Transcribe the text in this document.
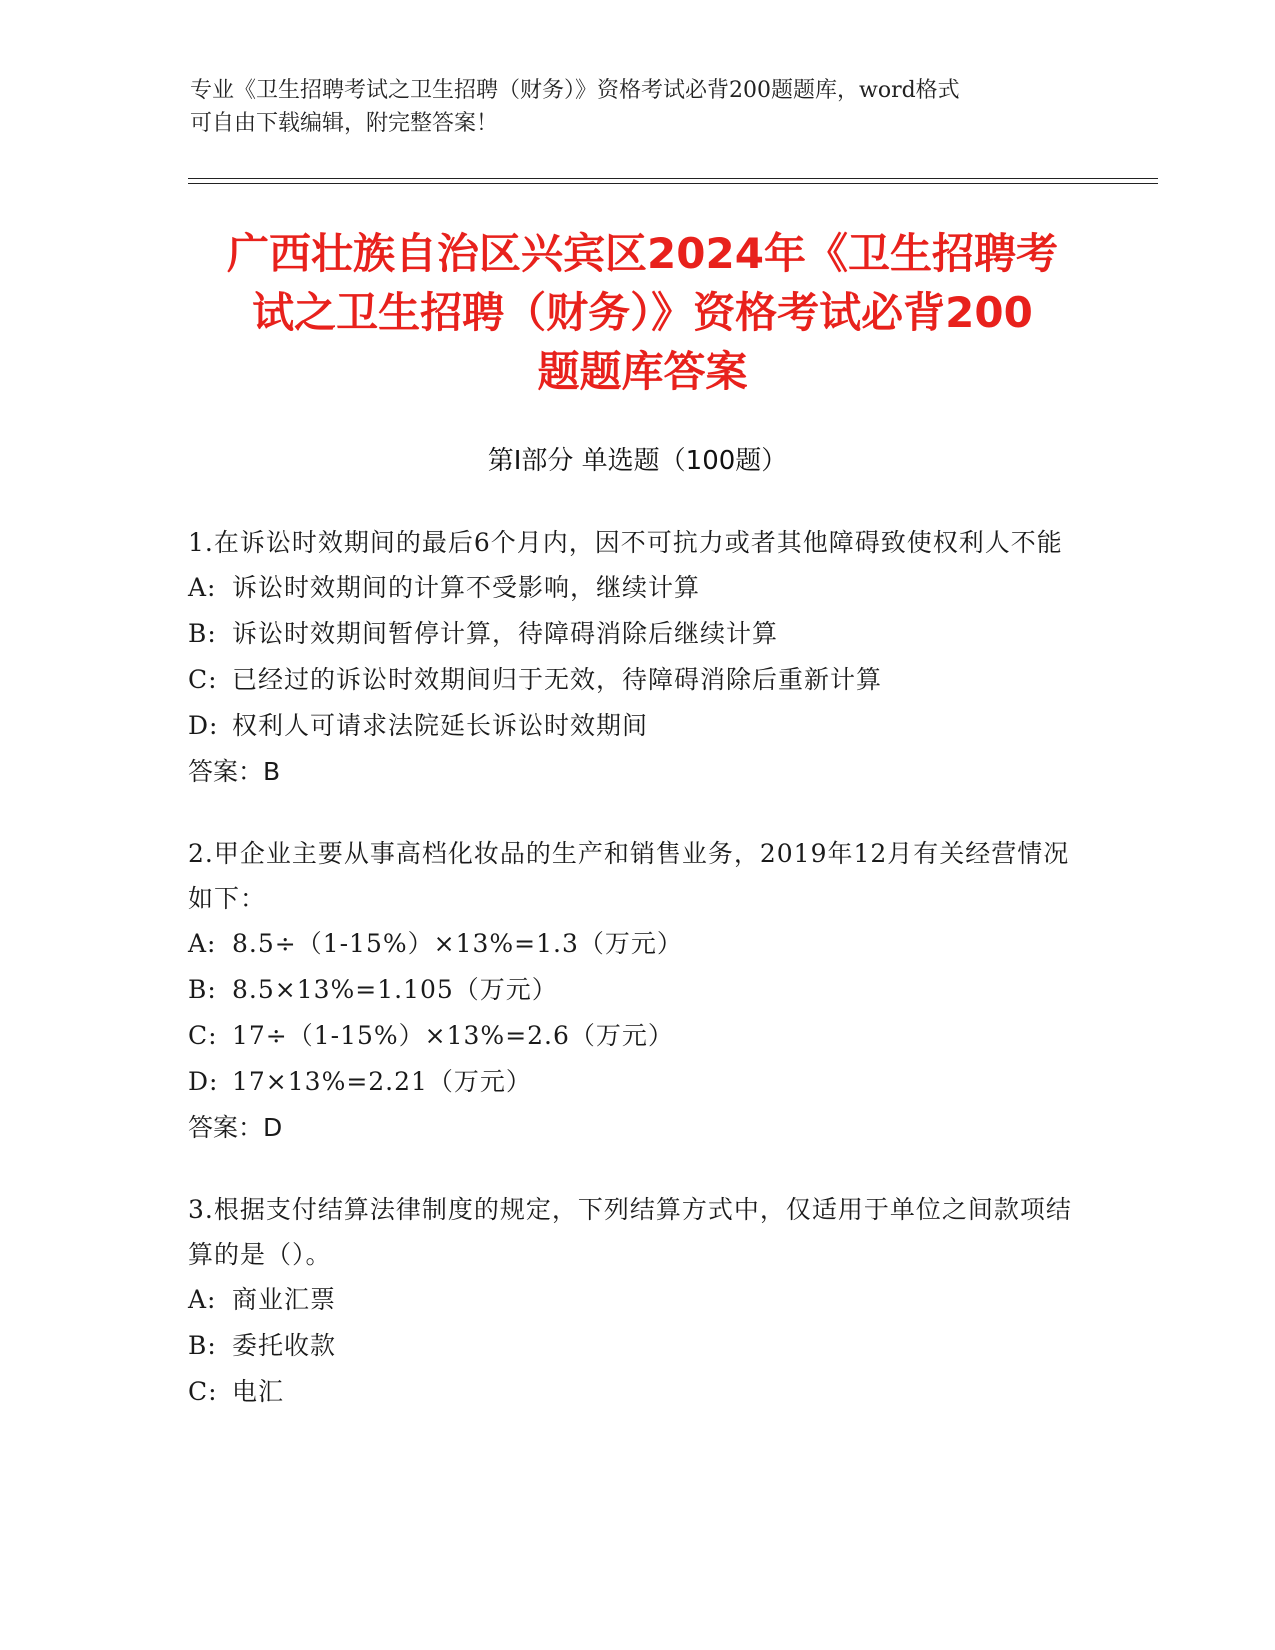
专业《卫生招聘考试之卫生招聘（财务）》资格考试必背200题题库，word格式
可自由下载编辑，附完整答案！
广西壮族自治区兴宾区2024年《卫生招聘考
试之卫生招聘（财务）》资格考试必背200
题题库答案
第Ⅰ部分 单选题（100题）
1.在诉讼时效期间的最后6个月内，因不可抗力或者其他障碍致使权利人不能
A: 诉讼时效期间的计算不受影响，继续计算
B: 诉讼时效期间暂停计算，待障碍消除后继续计算
C: 已经过的诉讼时效期间归于无效，待障碍消除后重新计算
D: 权利人可请求法院延长诉讼时效期间
答案：B
2.甲企业主要从事高档化妆品的生产和销售业务，2019年12月有关经营情况如下：
A: 8.5÷（1-15%）×13%=1.3（万元）
B: 8.5×13%=1.105（万元）
C: 17÷（1-15%）×13%=2.6（万元）
D: 17×13%=2.21（万元）
答案：D
3.根据支付结算法律制度的规定，下列结算方式中，仅适用于单位之间款项结算的是（）。
A: 商业汇票
B: 委托收款
C: 电汇
